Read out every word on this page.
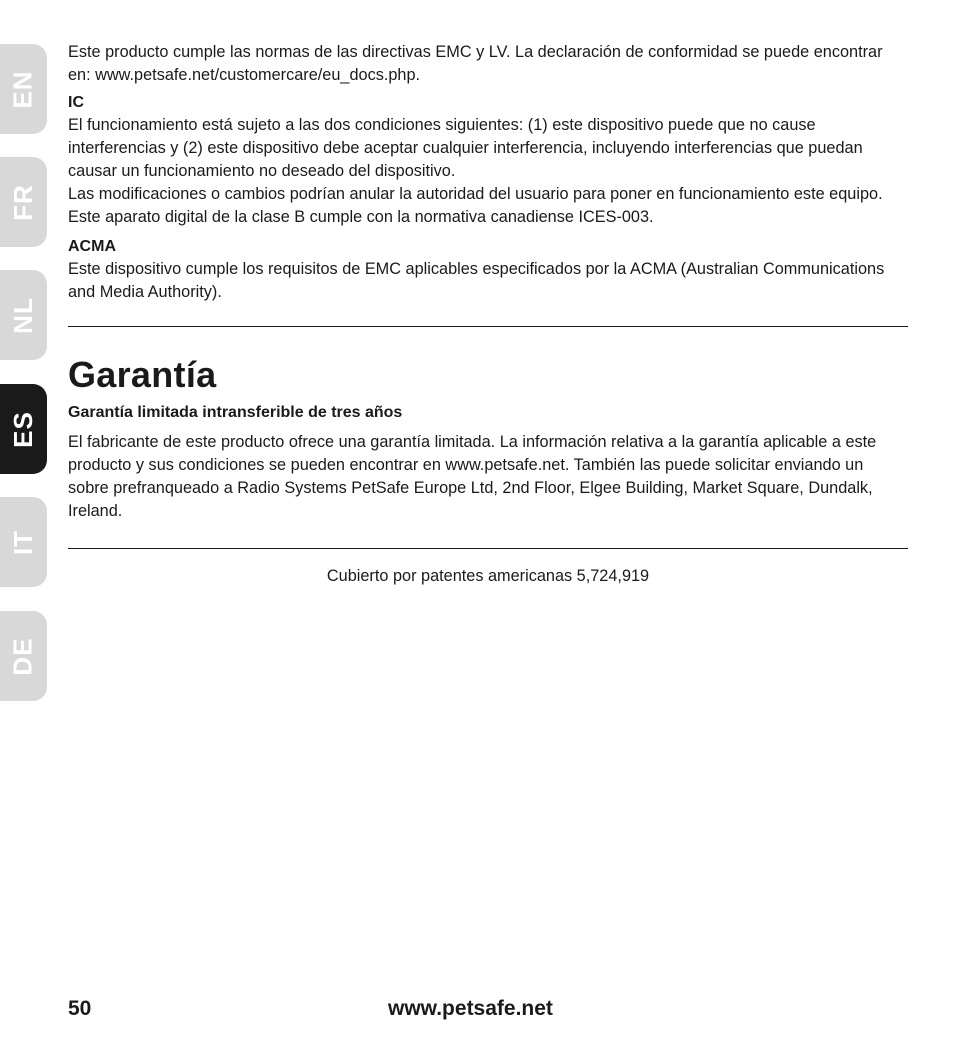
EN
FR
NL
ES
IT
DE

Este producto cumple las normas de las directivas EMC y LV. La declaración de conformidad se puede encontrar en: www.petsafe.net/customercare/eu_docs.php.

IC

El funcionamiento está sujeto a las dos condiciones siguientes: (1) este dispositivo puede que no cause interferencias y (2) este dispositivo debe aceptar cualquier interferencia, incluyendo interferencias que puedan causar un funcionamiento no deseado del dispositivo.

Las modificaciones o cambios podrían anular la autoridad del usuario para poner en funcionamiento este equipo. Este aparato digital de la clase B cumple con la normativa canadiense ICES-003.

ACMA

Este dispositivo cumple los requisitos de EMC aplicables especificados por la ACMA (Australian Communications and Media Authority).

Garantía

Garantía limitada intransferible de tres años

El fabricante de este producto ofrece una garantía limitada. La información relativa a la garantía aplicable a este producto y sus condiciones se pueden encontrar en www.petsafe.net. También las puede solicitar enviando un sobre prefranqueado a Radio Systems PetSafe Europe Ltd, 2nd Floor, Elgee Building, Market Square, Dundalk, Ireland.

Cubierto por patentes americanas 5,724,919

50	www.petsafe.net
